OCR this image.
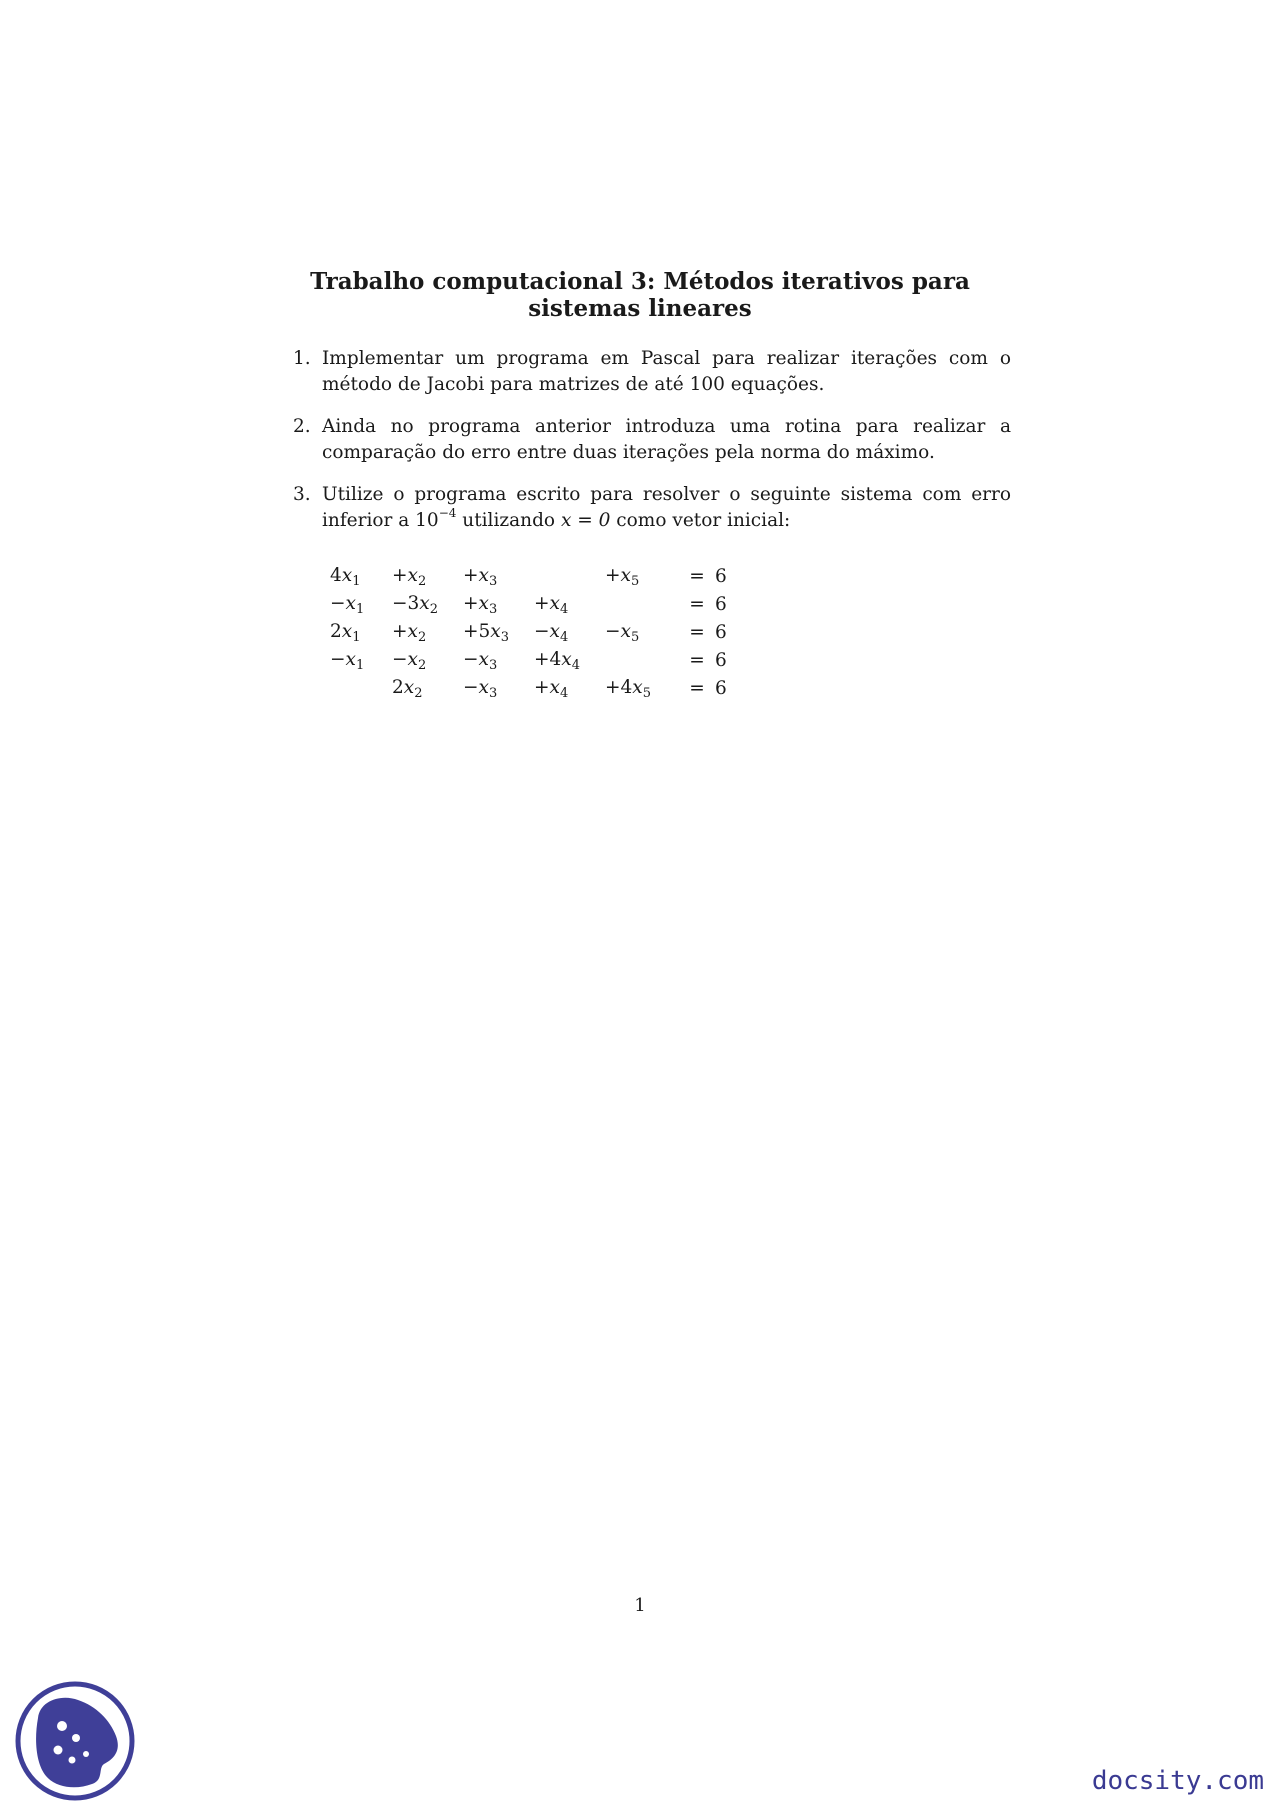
Trabalho computacional 3: Métodos iterativos para
sistemas lineares
1. Implementar um programa em Pascal para realizar iterações com o método de Jacobi para matrizes de até 100 equações.
2. Ainda no programa anterior introduza uma rotina para realizar a comparação do erro entre duas iterações pela norma do máximo.
3. Utilize o programa escrito para resolver o seguinte sistema com erro inferior a $10^{-4}$ utilizando x = 0 como vetor inicial:
$4x_1$	$+x_2$	$+x_3$		$+x_5$	=	6
$-x_1$	$-3x_2$	$+x_3$	$+x_4$		=	6
$2x_1$	$+x_2$	$+5x_3$	$-x_4$	$-x_5$	=	6
$-x_1$	$-x_2$	$-x_3$	$+4x_4$		=	6
	$2x_2$	$-x_3$	$+x_4$	$+4x_5$	=	6
1
docsity.com
